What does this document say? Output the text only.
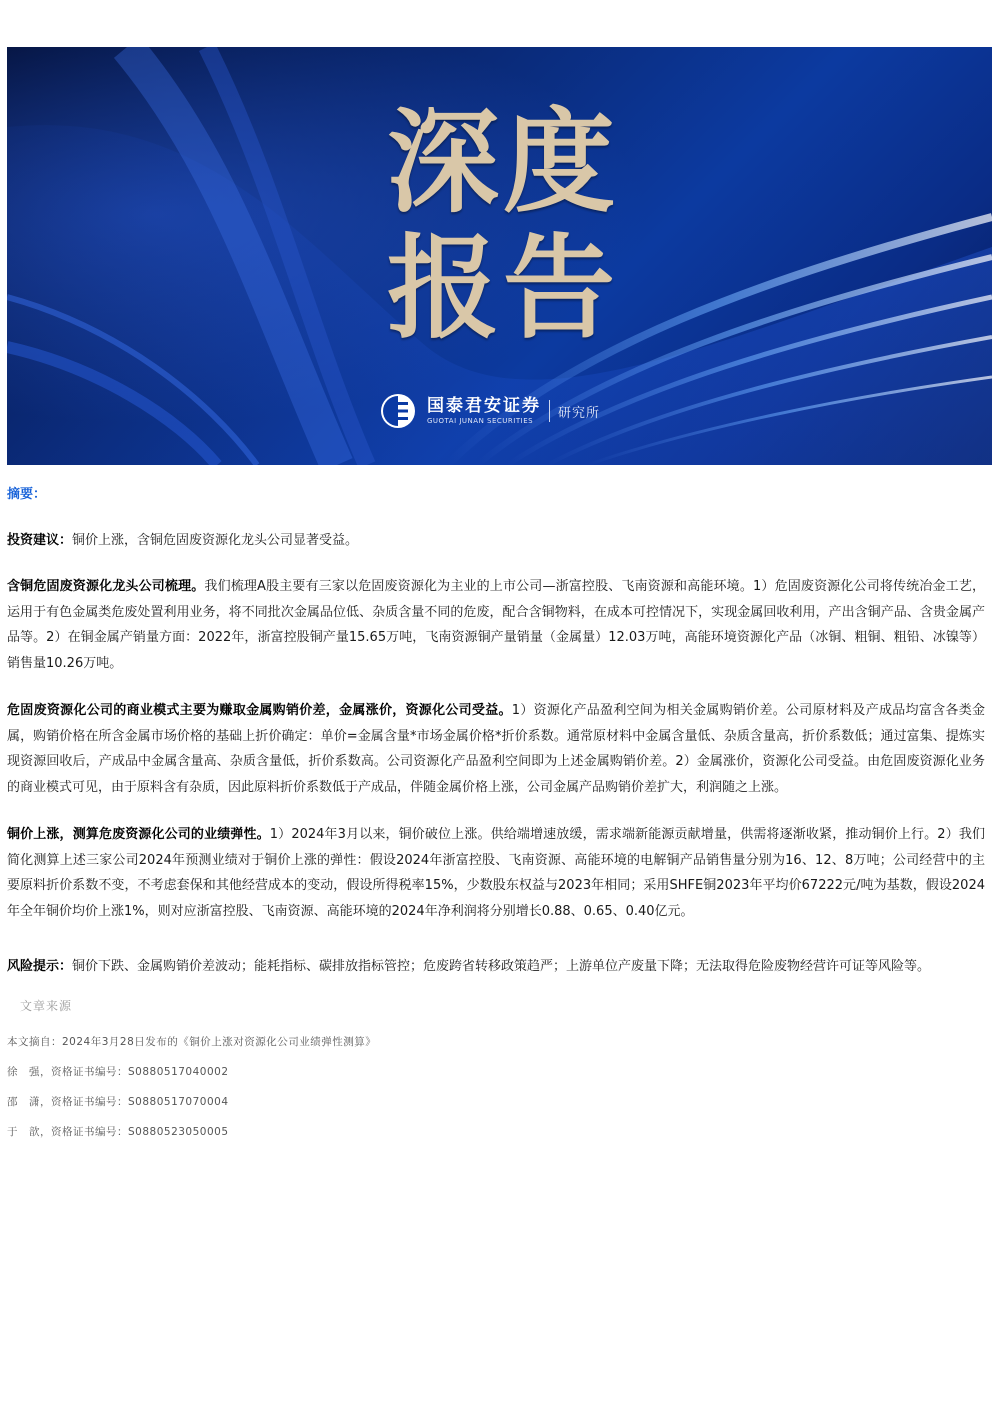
深度
报告
国泰君安证券
GUOTAI JUNAN SECURITIES
研究所
摘要：
投资建议：铜价上涨，含铜危固废资源化龙头公司显著受益。
含铜危固废资源化龙头公司梳理。我们梳理A股主要有三家以危固废资源化为主业的上市公司—浙富控股、飞南资源和高能环境。1）危固废资源化公司将传统冶金工艺，运用于有色金属类危废处置利用业务，将不同批次金属品位低、杂质含量不同的危废，配合含铜物料，在成本可控情况下，实现金属回收利用，产出含铜产品、含贵金属产品等。2）在铜金属产销量方面：2022年，浙富控股铜产量15.65万吨，飞南资源铜产量销量（金属量）12.03万吨，高能环境资源化产品（冰铜、粗铜、粗铅、冰镍等）销售量10.26万吨。
危固废资源化公司的商业模式主要为赚取金属购销价差，金属涨价，资源化公司受益。1）资源化产品盈利空间为相关金属购销价差。公司原材料及产成品均富含各类金属，购销价格在所含金属市场价格的基础上折价确定：单价=金属含量*市场金属价格*折价系数。通常原材料中金属含量低、杂质含量高，折价系数低；通过富集、提炼实现资源回收后，产成品中金属含量高、杂质含量低，折价系数高。公司资源化产品盈利空间即为上述金属购销价差。2）金属涨价，资源化公司受益。由危固废资源化业务的商业模式可见，由于原料含有杂质，因此原料折价系数低于产成品，伴随金属价格上涨，公司金属产品购销价差扩大，利润随之上涨。
铜价上涨，测算危废资源化公司的业绩弹性。1）2024年3月以来，铜价破位上涨。供给端增速放缓，需求端新能源贡献增量，供需将逐渐收紧，推动铜价上行。2）我们简化测算上述三家公司2024年预测业绩对于铜价上涨的弹性：假设2024年浙富控股、飞南资源、高能环境的电解铜产品销售量分别为16、12、8万吨；公司经营中的主要原料折价系数不变，不考虑套保和其他经营成本的变动，假设所得税率15%，少数股东权益与2023年相同；采用SHFE铜2023年平均价67222元/吨为基数，假设2024年全年铜价均价上涨1%，则对应浙富控股、飞南资源、高能环境的2024年净利润将分别增长0.88、0.65、0.40亿元。
风险提示：铜价下跌、金属购销价差波动；能耗指标、碳排放指标管控；危废跨省转移政策趋严；上游单位产废量下降；无法取得危险废物经营许可证等风险等。
文章来源
本文摘自：2024年3月28日发布的《铜价上涨对资源化公司业绩弹性测算》
徐　强，资格证书编号：S0880517040002
邵　潇，资格证书编号：S0880517070004
于　歆，资格证书编号：S0880523050005
